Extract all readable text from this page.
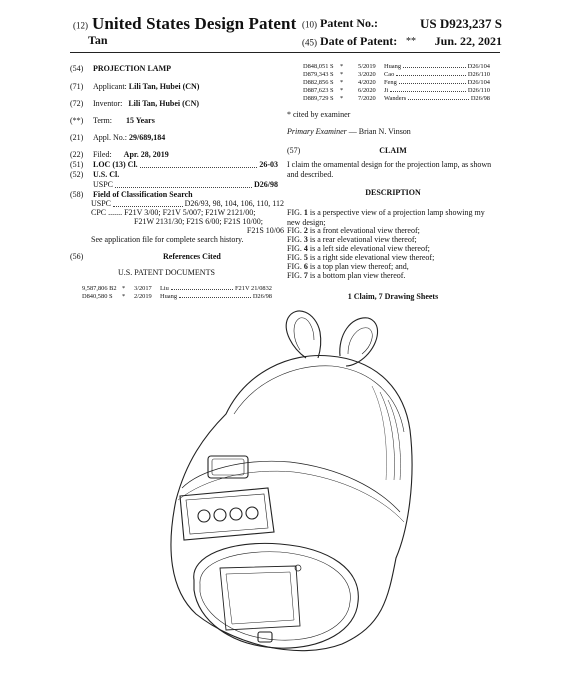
(12) United States Design Patent
Tan
(10) Patent No.:	US D923,237 S
(45) Date of Patent: ** Jun. 22, 2021
(54) PROJECTION LAMP
(71) Applicant: Lili Tan, Hubei (CN)
(72) Inventor: Lili Tan, Hubei (CN)
(**) Term: 15 Years
(21) Appl. No.: 29/689,184
(22) Filed: Apr. 28, 2019
(51) LOC (13) Cl.	26-03
(52) U.S. Cl.
USPC	D26/98
(58) Field of Classification Search
USPC	D26/93, 98, 104, 106, 110, 112
CPC ....... F21V 3/00; F21V 5/007; F21W 2121/00;
F21W 2131/30; F21S 6/00; F21S 10/00;
F21S 10/06
See application file for complete search history.
(56)	References Cited
U.S. PATENT DOCUMENTS
9,587,806 B2 *	3/2017	Liu	F21V 21/0832
D840,580 S	*	2/2019	Huang	D26/98
D848,051 S	*	5/2019	Huang	D26/104
D879,343 S	*	3/2020	Cao	D26/110
D882,856 S	*	4/2020	Feng	D26/104
D887,623 S	*	6/2020	Ji	D26/110
D889,729 S	*	7/2020	Wanders	D26/98
* cited by examiner
Primary Examiner — Brian N. Vinson
(57)	CLAIM
I claim the ornamental design for the projection lamp, as shown and described.
DESCRIPTION
FIG. 1 is a perspective view of a projection lamp showing my new design;
FIG. 2 is a front elevational view thereof;
FIG. 3 is a rear elevational view thereof;
FIG. 4 is a left side elevational view thereof;
FIG. 5 is a right side elevational view thereof;
FIG. 6 is a top plan view thereof; and,
FIG. 7 is a bottom plan view thereof.
1 Claim, 7 Drawing Sheets
